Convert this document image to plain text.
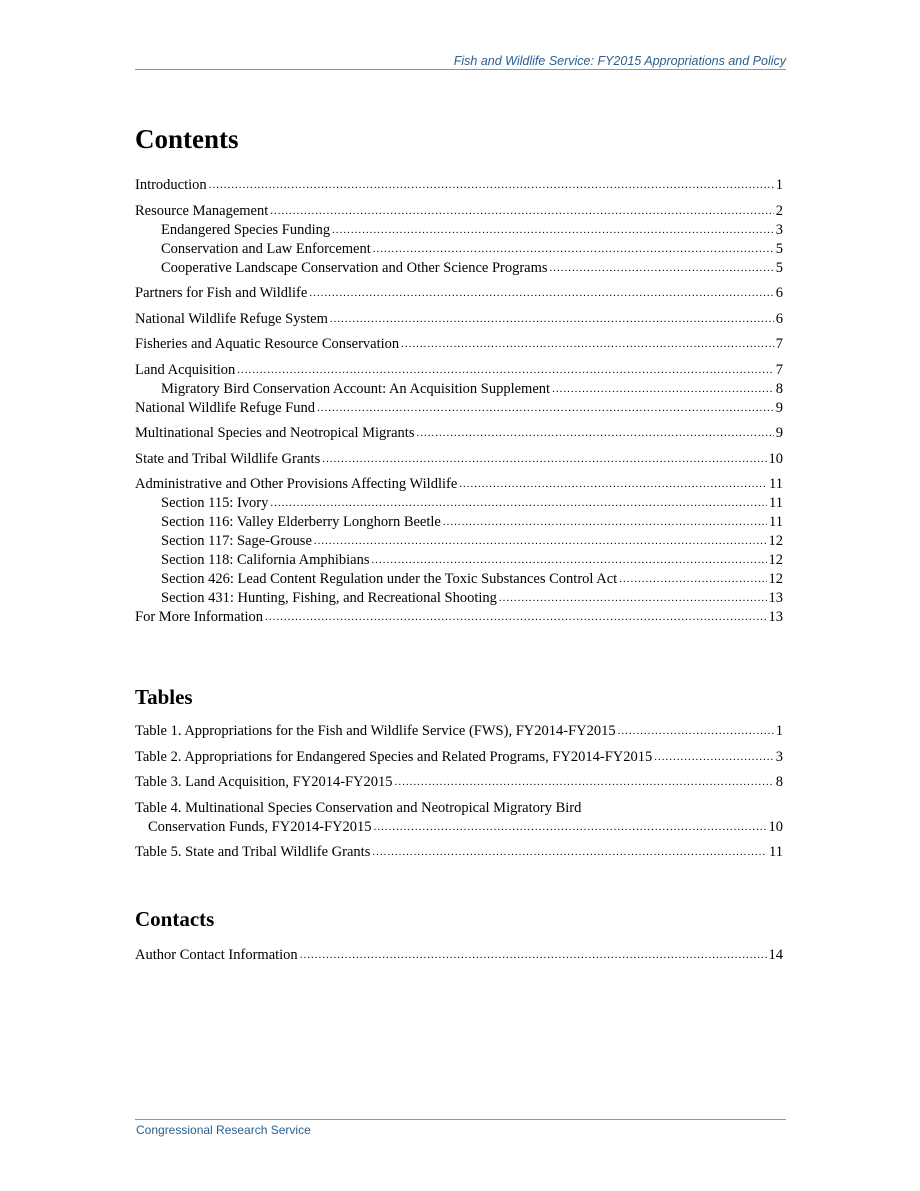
Fish and Wildlife Service: FY2015 Appropriations and Policy
Contents
Introduction .....	1
Resource Management .....	2
Endangered Species Funding .....	3
Conservation and Law Enforcement .....	5
Cooperative Landscape Conservation and Other Science Programs .....	5
Partners for Fish and Wildlife .....	6
National Wildlife Refuge System .....	6
Fisheries and Aquatic Resource Conservation .....	7
Land Acquisition .....	7
Migratory Bird Conservation Account: An Acquisition Supplement .....	8
National Wildlife Refuge Fund .....	9
Multinational Species and Neotropical Migrants .....	9
State and Tribal Wildlife Grants .....	10
Administrative and Other Provisions Affecting Wildlife .....	11
Section 115: Ivory .....	11
Section 116: Valley Elderberry Longhorn Beetle .....	11
Section 117: Sage-Grouse .....	12
Section 118: California Amphibians .....	12
Section 426: Lead Content Regulation under the Toxic Substances Control Act .....	12
Section 431: Hunting, Fishing, and Recreational Shooting .....	13
For More Information .....	13
Tables
Table 1. Appropriations for the Fish and Wildlife Service (FWS), FY2014-FY2015 .....	1
Table 2. Appropriations for Endangered Species and Related Programs, FY2014-FY2015 .....	3
Table 3. Land Acquisition, FY2014-FY2015 .....	8
Table 4. Multinational Species Conservation and Neotropical Migratory Bird
Conservation Funds, FY2014-FY2015 .....	10
Table 5. State and Tribal Wildlife Grants .....	11
Contacts
Author Contact Information .....	14
Congressional Research Service
